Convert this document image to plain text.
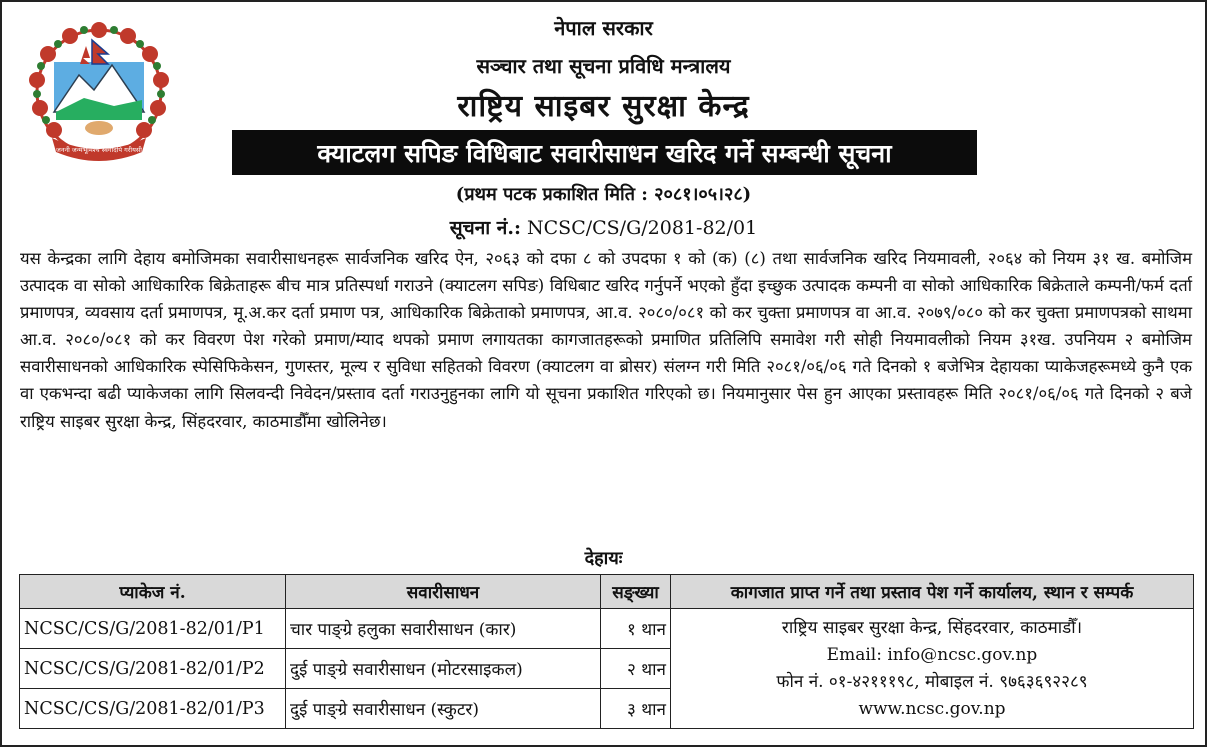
जननी जन्मभूमिश्च स्वर्गादपि गरीयसी
नेपाल सरकार
सञ्चार तथा सूचना प्रविधि मन्त्रालय
राष्ट्रिय साइबर सुरक्षा केन्द्र
क्याटलग सपिङ विधिबाट सवारीसाधन खरिद गर्ने सम्बन्धी सूचना
(प्रथम पटक प्रकाशित मिति : २०८१।०५।२८)
सूचना नं.: NCSC/CS/G/2081-82/01

यस केन्द्रका लागि देहाय बमोजिमका सवारीसाधनहरू सार्वजनिक खरिद ऐन, २०६३ को दफा ८ को उपदफा १ को (क) (८) तथा सार्वजनिक खरिद नियमावली, २०६४ को नियम ३१ ख. बमोजिम उत्पादक वा सोको आधिकारिक बिक्रेताहरू बीच मात्र प्रतिस्पर्धा गराउने (क्याटलग सपिङ) विधिबाट खरिद गर्नुपर्ने भएको हुँदा इच्छुक उत्पादक कम्पनी वा सोको आधिकारिक बिक्रेताले कम्पनी/फर्म दर्ता प्रमाणपत्र, व्यवसाय दर्ता प्रमाणपत्र, मू.अ.कर दर्ता प्रमाण पत्र, आधिकारिक बिक्रेताको प्रमाणपत्र, आ.व. २०८०/०८१ को कर चुक्ता प्रमाणपत्र वा आ.व. २०७९/०८० को कर चुक्ता प्रमाणपत्रको साथमा आ.व. २०८०/०८१ को कर विवरण पेश गरेको प्रमाण/म्याद थपको प्रमाण लगायतका कागजातहरूको प्रमाणित प्रतिलिपि समावेश गरी सोही नियमावलीको नियम ३१ख. उपनियम २ बमोजिम सवारीसाधनको आधिकारिक स्पेसिफिकेसन, गुणस्तर, मूल्य र सुविधा सहितको विवरण (क्याटलग वा ब्रोसर) संलग्न गरी मिति २०८१/०६/०६ गते दिनको १ बजेभित्र देहायका प्याकेजहरूमध्ये कुनै एक वा एकभन्दा बढी प्याकेजका लागि सिलवन्दी निवेदन/प्रस्ताव दर्ता गराउनुहुनका लागि यो सूचना प्रकाशित गरिएको छ। नियमानुसार पेस हुन आएका प्रस्तावहरू मिति २०८१/०६/०६ गते दिनको २ बजे राष्ट्रिय साइबर सुरक्षा केन्द्र, सिंहदरवार, काठमाडौँमा खोलिनेछ।

देहायः
प्याकेज नं.	सवारीसाधन	सङ्ख्या	कागजात प्राप्त गर्ने तथा प्रस्ताव पेश गर्ने कार्यालय, स्थान र सम्पर्क
NCSC/CS/G/2081-82/01/P1	चार पाङ्ग्रे हलुका सवारीसाधन (कार)	१ थान	राष्ट्रिय साइबर सुरक्षा केन्द्र, सिंहदरवार, काठमाडौँ।
Email: info@ncsc.gov.np
फोन नं. ०१-४२१११९८, मोबाइल नं. ९७६३६९२२८९
www.ncsc.gov.np

NCSC/CS/G/2081-82/01/P2	दुई पाङ्ग्रे सवारीसाधन (मोटरसाइकल)	२ थान	
NCSC/CS/G/2081-82/01/P3	दुई पाङ्ग्रे सवारीसाधन (स्कुटर)	३ थान	
